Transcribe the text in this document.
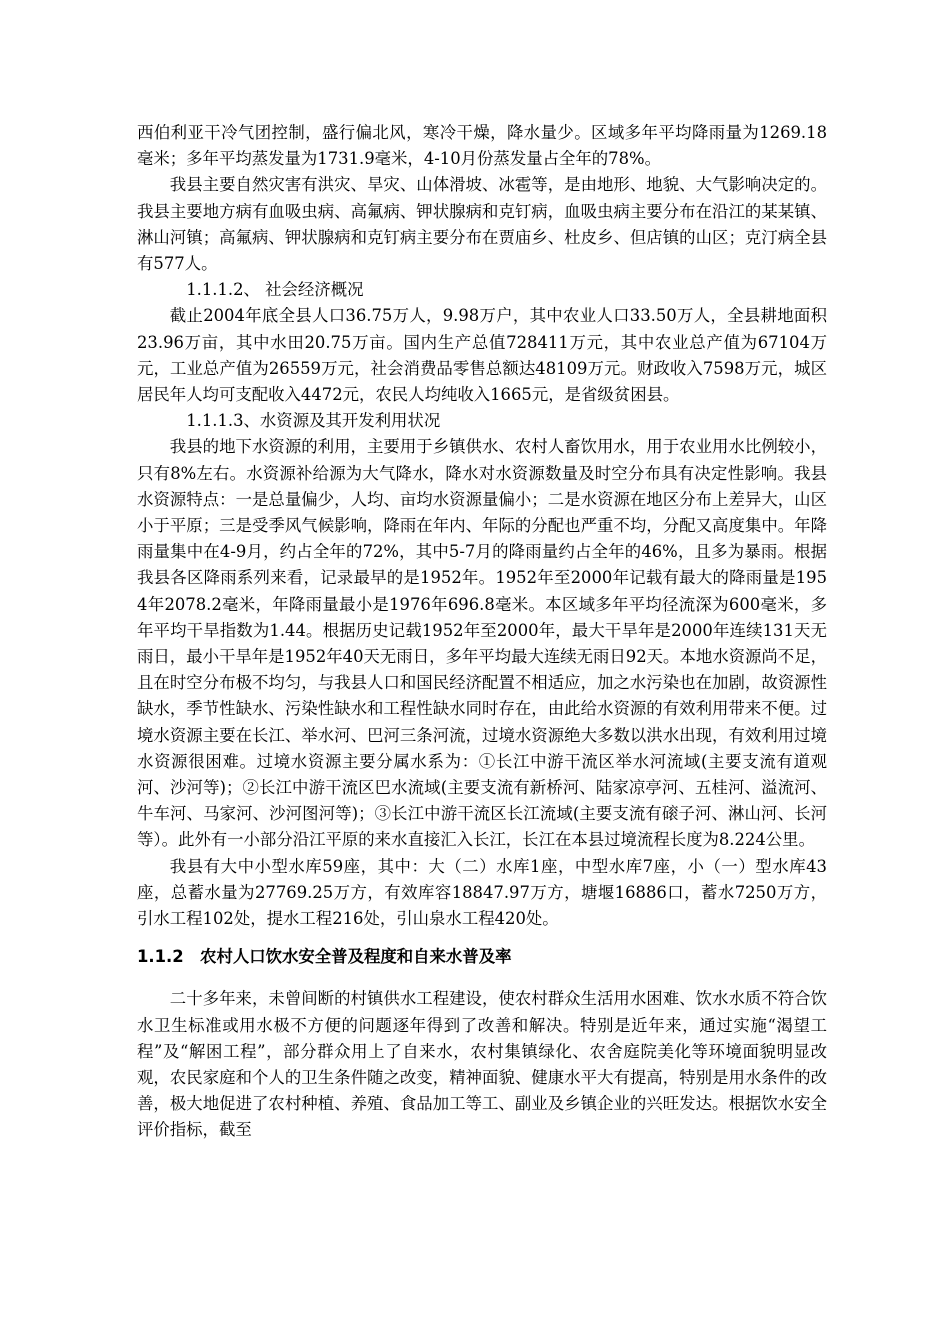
西伯利亚干冷气团控制，盛行偏北风，寒冷干燥，降水量少。区域多年平均降雨量为1269.18毫米；多年平均蒸发量为1731.9毫米，4-10月份蒸发量占全年的78%。

我县主要自然灾害有洪灾、旱灾、山体滑坡、冰雹等，是由地形、地貌、大气影响决定的。我县主要地方病有血吸虫病、高氟病、钾状腺病和克钉病，血吸虫病主要分布在沿江的某某镇、淋山河镇；高氟病、钾状腺病和克钉病主要分布在贾庙乡、杜皮乡、但店镇的山区；克汀病全县有577人。

1.1.1.2、 社会经济概况

截止2004年底全县人口36.75万人，9.98万户，其中农业人口33.50万人，全县耕地面积23.96万亩，其中水田20.75万亩。国内生产总值728411万元，其中农业总产值为67104万元，工业总产值为26559万元，社会消费品零售总额达48109万元。财政收入7598万元，城区居民年人均可支配收入4472元，农民人均纯收入1665元，是省级贫困县。

1.1.1.3、水资源及其开发利用状况

我县的地下水资源的利用，主要用于乡镇供水、农村人畜饮用水，用于农业用水比例较小，只有8%左右。水资源补给源为大气降水，降水对水资源数量及时空分布具有决定性影响。我县水资源特点：一是总量偏少，人均、亩均水资源量偏小；二是水资源在地区分布上差异大，山区小于平原；三是受季风气候影响，降雨在年内、年际的分配也严重不均，分配又高度集中。年降雨量集中在4-9月，约占全年的72%，其中5-7月的降雨量约占全年的46%，且多为暴雨。根据我县各区降雨系列来看，记录最早的是1952年。1952年至2000年记载有最大的降雨量是1954年2078.2毫米，年降雨量最小是1976年696.8毫米。本区域多年平均径流深为600毫米，多年平均干旱指数为1.44。根据历史记载1952年至2000年，最大干旱年是2000年连续131天无雨日，最小干旱年是1952年40天无雨日，多年平均最大连续无雨日92天。本地水资源尚不足，且在时空分布极不均匀，与我县人口和国民经济配置不相适应，加之水污染也在加剧，故资源性缺水，季节性缺水、污染性缺水和工程性缺水同时存在，由此给水资源的有效利用带来不便。过境水资源主要在长江、举水河、巴河三条河流，过境水资源绝大多数以洪水出现，有效利用过境水资源很困难。过境水资源主要分属水系为：①长江中游干流区举水河流域(主要支流有道观河、沙河等)；②长江中游干流区巴水流域(主要支流有新桥河、陆家凉亭河、五桂河、溢流河、牛车河、马家河、沙河图河等)；③长江中游干流区长江流域(主要支流有磙子河、淋山河、长河等）。此外有一小部分沿江平原的来水直接汇入长江，长江在本县过境流程长度为8.224公里。

我县有大中小型水库59座，其中：大（二）水库1座，中型水库7座，小（一）型水库43座，总蓄水量为27769.25万方，有效库容18847.97万方，塘堰16886口，蓄水7250万方，引水工程102处，提水工程216处，引山泉水工程420处。

1.1.2　农村人口饮水安全普及程度和自来水普及率

二十多年来，未曾间断的村镇供水工程建设，使农村群众生活用水困难、饮水水质不符合饮水卫生标准或用水极不方便的问题逐年得到了改善和解决。特别是近年来，通过实施“渴望工程”及“解困工程”，部分群众用上了自来水，农村集镇绿化、农舍庭院美化等环境面貌明显改观，农民家庭和个人的卫生条件随之改变，精神面貌、健康水平大有提高，特别是用水条件的改善，极大地促进了农村种植、养殖、食品加工等工、副业及乡镇企业的兴旺发达。根据饮水安全评价指标，截至
